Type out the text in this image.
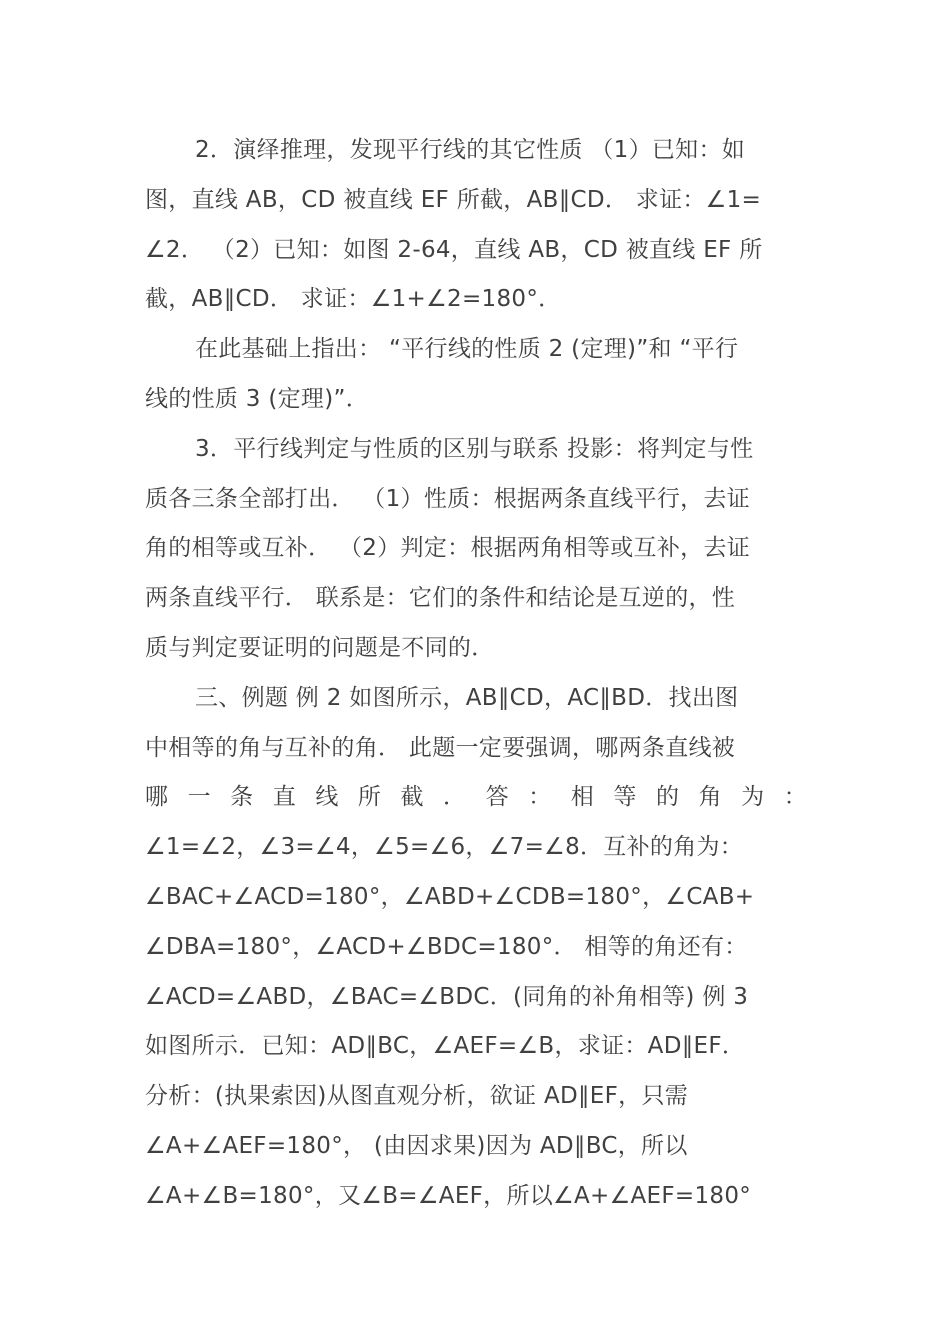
2．演绎推理，发现平行线的其它性质 （1）已知：如
图，直线 AB，CD 被直线 EF 所截，AB∥CD． 求证：∠1=
∠2． （2）已知：如图 2-64，直线 AB，CD 被直线 EF 所
截，AB∥CD． 求证：∠1+∠2=180°．
在此基础上指出： “平行线的性质 2 (定理)”和 “平行
线的性质 3 (定理)”．
3．平行线判定与性质的区别与联系 投影：将判定与性
质各三条全部打出． （1）性质：根据两条直线平行，去证
角的相等或互补． （2）判定：根据两角相等或互补，去证
两条直线平行． 联系是：它们的条件和结论是互逆的，性
质与判定要证明的问题是不同的．
三、例题 例 2 如图所示，AB∥CD，AC∥BD．找出图
中相等的角与互补的角． 此题一定要强调，哪两条直线被
哪 一 条 直 线 所 截 ． 答 ： 相 等 的 角 为 ：
∠1=∠2，∠3=∠4，∠5=∠6，∠7=∠8．互补的角为：
∠BAC+∠ACD=180°，∠ABD+∠CDB=180°，∠CAB+
∠DBA=180°，∠ACD+∠BDC=180°． 相等的角还有：
∠ACD=∠ABD，∠BAC=∠BDC．(同角的补角相等) 例 3
如图所示．已知：AD∥BC，∠AEF=∠B，求证：AD∥EF．
分析：(执果索因)从图直观分析，欲证 AD∥EF，只需
∠A+∠AEF=180°， (由因求果)因为 AD∥BC，所以
∠A+∠B=180°，又∠B=∠AEF，所以∠A+∠AEF=180°
